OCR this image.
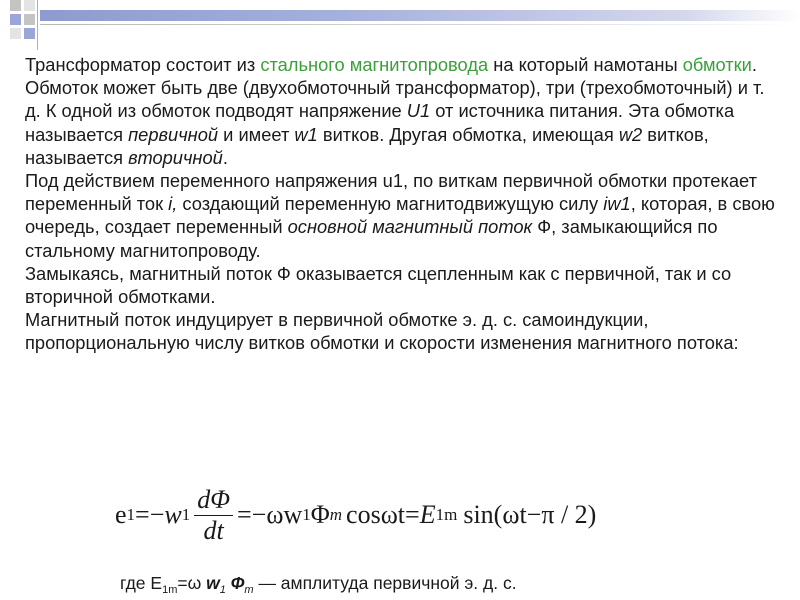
Трансформатор состоит из стального магнитопровода на который намотаны обмотки. Обмоток может быть две (двухобмоточный трансформатор), три (трехобмоточный) и т. д. К одной из обмоток подводят напряжение U1 от источника питания. Эта обмотка называется первичной и имеет w1 витков. Другая обмотка, имеющая w2 витков, называется вторичной.

Под действием переменного напряжения u1, по виткам первичной обмотки протекает переменный ток i, создающий переменную магнитодвижущую силу iw1, которая, в свою очередь, создает переменный основной магнитный поток Ф, замыкающийся по стальному магнитопроводу.

Замыкаясь, магнитный поток Ф оказывается сцепленным как с первичной, так и со вторичной обмотками.

Магнитный поток индуцирует в первичной обмотке э. д. с. самоиндукции, пропорциональную числу витков обмотки и скорости изменения магнитного потока:

e 1 =− w $1 \frac{d\Phi}{dt} =-\omega w$ 1 Φ m cosωt= E 1m sin(ωt−π / 2)
где $E_{1m}=\omega$ $w_1$ $Ф_m$ — амплитуда первичной э. д. с.
